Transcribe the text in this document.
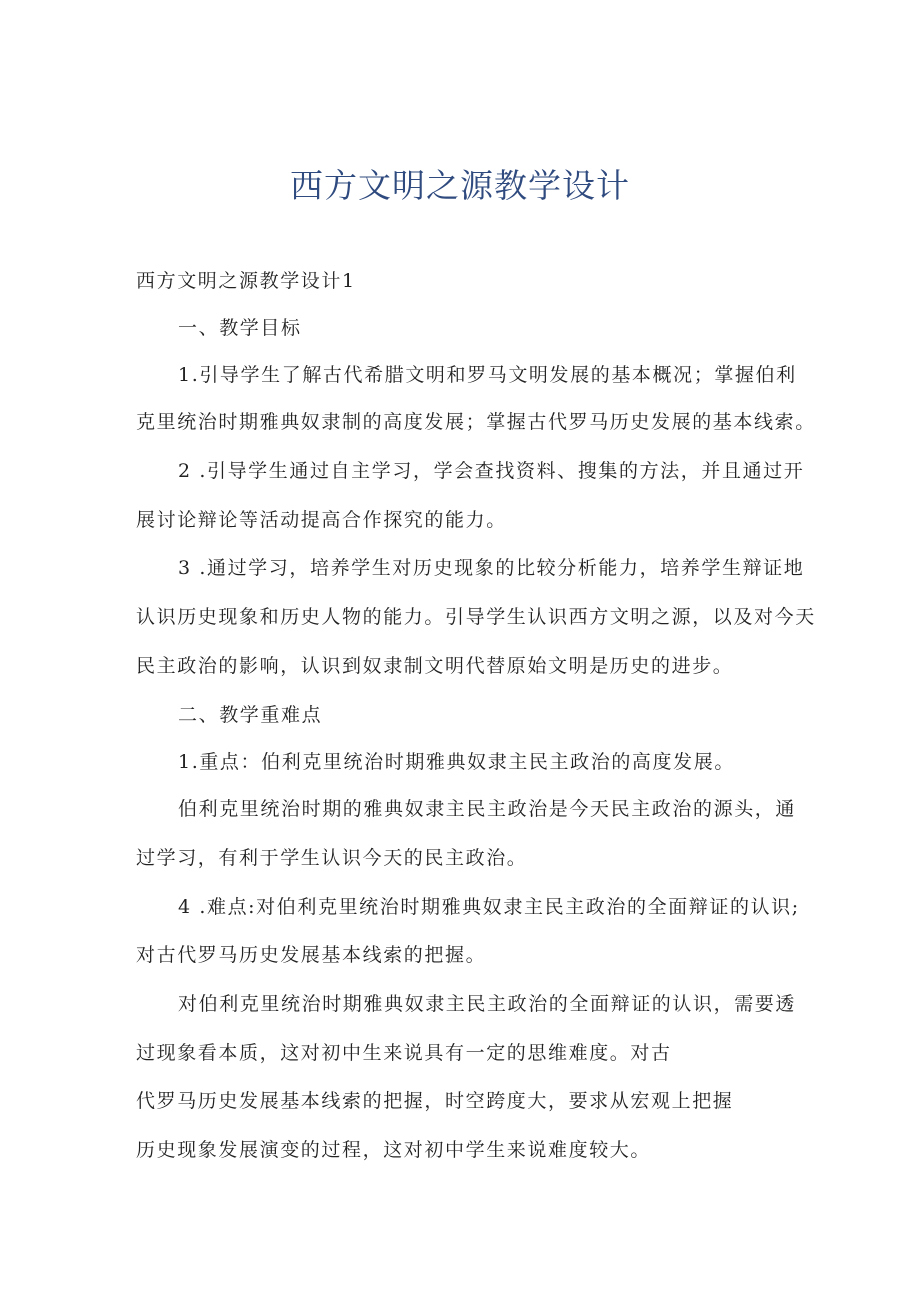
西方文明之源教学设计
西方文明之源教学设计1
一、教学目标
1.引导学生了解古代希腊文明和罗马文明发展的基本概况；掌握伯利
克里统治时期雅典奴隶制的高度发展；掌握古代罗马历史发展的基本线索。
2 .引导学生通过自主学习，学会查找资料、搜集的方法，并且通过开
展讨论辩论等活动提高合作探究的能力。
3 .通过学习，培养学生对历史现象的比较分析能力，培养学生辩证地
认识历史现象和历史人物的能力。引导学生认识西方文明之源，以及对今天
民主政治的影响，认识到奴隶制文明代替原始文明是历史的进步。
二、教学重难点
1.重点：伯利克里统治时期雅典奴隶主民主政治的高度发展。
伯利克里统治时期的雅典奴隶主民主政治是今天民主政治的源头，通
过学习，有利于学生认识今天的民主政治。
4 .难点:对伯利克里统治时期雅典奴隶主民主政治的全面辩证的认识;
对古代罗马历史发展基本线索的把握。
对伯利克里统治时期雅典奴隶主民主政治的全面辩证的认识，需要透
过现象看本质，这对初中生来说具有一定的思维难度。对古
代罗马历史发展基本线索的把握，时空跨度大，要求从宏观上把握
历史现象发展演变的过程，这对初中学生来说难度较大。
